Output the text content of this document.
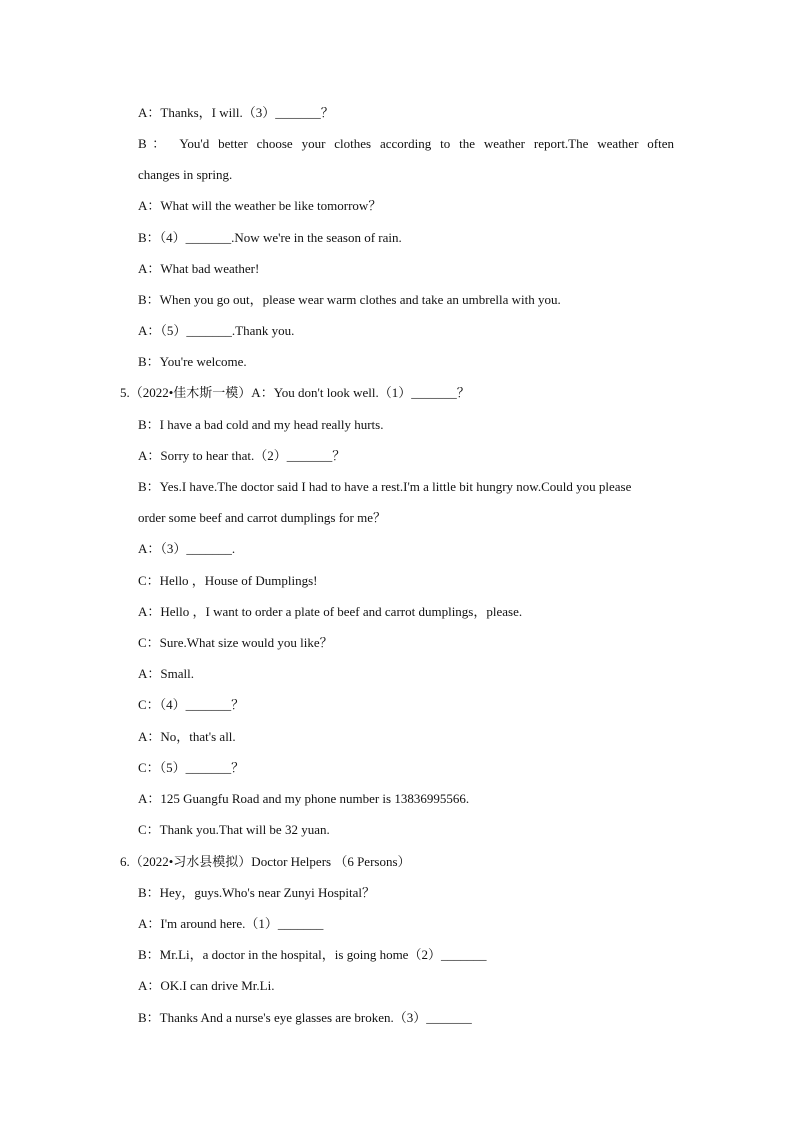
A：Thanks，I will.（3）_______？
B： You'd better choose your clothes according to the weather report.The weather often
changes in spring.
A：What will the weather be like tomorrow？
B：（4）_______.Now we're in the season of rain.
A：What bad weather!
B：When you go out，please wear warm clothes and take an umbrella with you.
A：（5）_______.Thank you.
B：You're welcome.
5.（2022•佳木斯一模）A：You don't look well.（1）_______？
B：I have a bad cold and my head really hurts.
A：Sorry to hear that.（2）_______？
B：Yes.I have.The doctor said I had to have a rest.I'm a little bit hungry now.Could you please
order some beef and carrot dumplings for me？
A：（3）_______.
C：Hello ，House of Dumplings!
A：Hello ，I want to order a plate of beef and carrot dumplings，please.
C：Sure.What size would you like？
A：Small.
C：（4）_______？
A：No，that's all.
C：（5）_______？
A：125 Guangfu Road and my phone number is 13836995566.
C：Thank you.That will be 32 yuan.
6.（2022•习水县模拟）Doctor Helpers （6 Persons）
B：Hey，guys.Who's near Zunyi Hospital？
A：I'm around here.（1）_______
B：Mr.Li，a doctor in the hospital，is going home（2）_______
A：OK.I can drive Mr.Li.
B：Thanks And a nurse's eye glasses are broken.（3）_______
